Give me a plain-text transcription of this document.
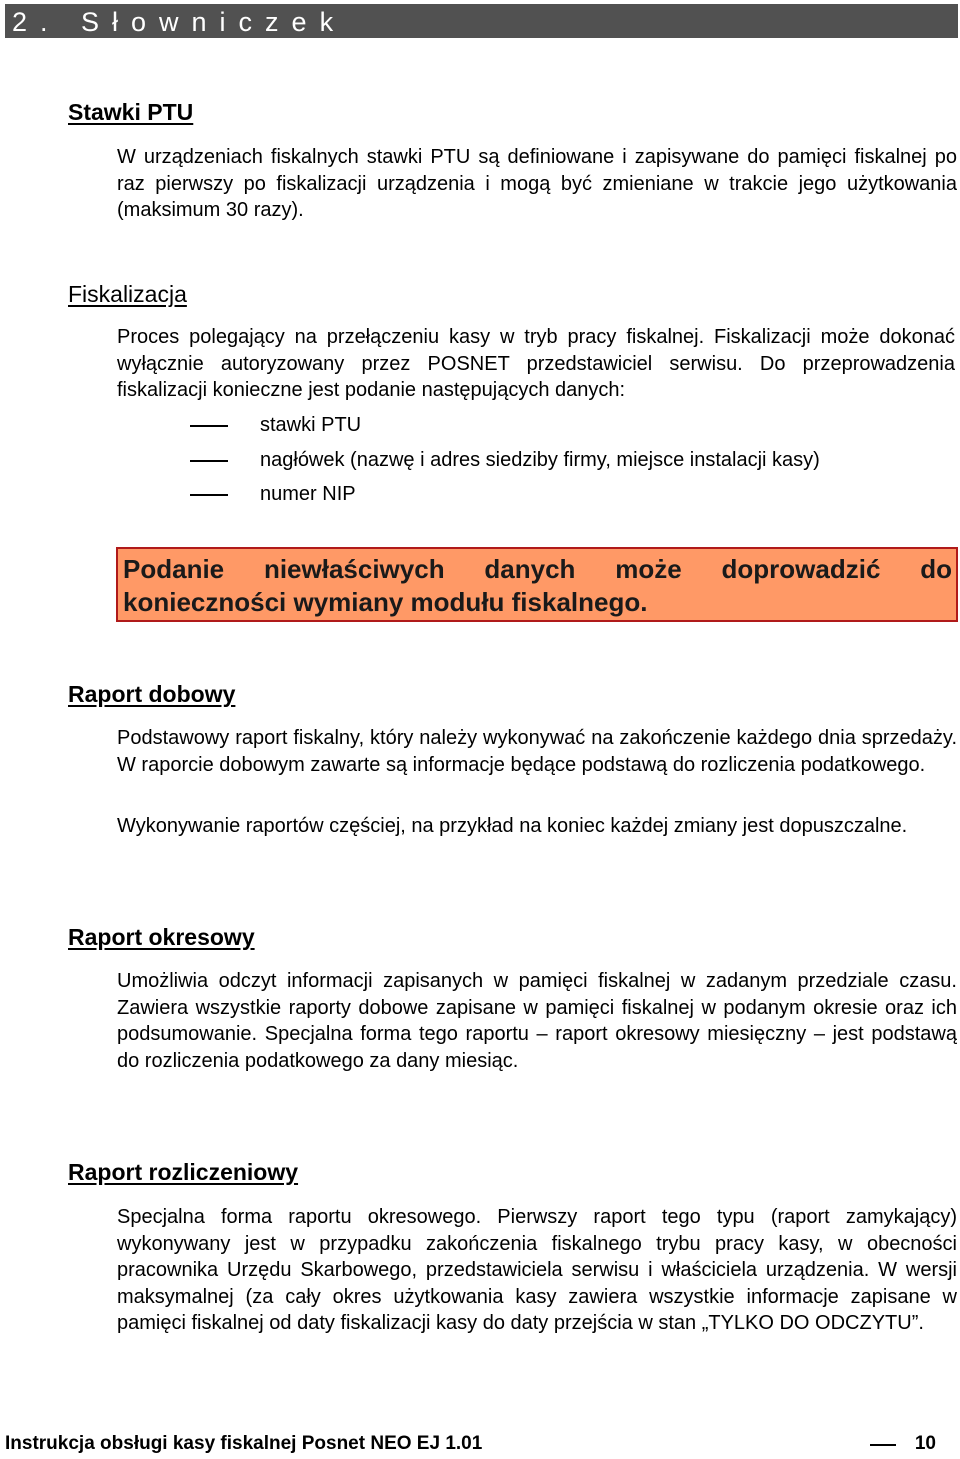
2. Słowniczek
Stawki PTU

W urządzeniach fiskalnych stawki PTU są definiowane i zapisywane do pamięci fiskalnej po raz pierwszy po fiskalizacji urządzenia i mogą być zmieniane w trakcie jego użytkowania (maksimum 30 razy).

Fiskalizacja

Proces polegający na przełączeniu kasy w tryb pracy fiskalnej. Fiskalizacji może dokonać wyłącznie autoryzowany przez POSNET przedstawiciel serwisu. Do przeprowadzenia fiskalizacji konieczne jest podanie następujących danych:

stawki PTU
nagłówek (nazwę i adres siedziby firmy, miejsce instalacji kasy)
numer NIP
Podanie niewłaściwych danych może doprowadzić do konieczności wymiany modułu fiskalnego.
Raport dobowy

Podstawowy raport fiskalny, który należy wykonywać na zakończenie każdego dnia sprzedaży. W raporcie dobowym zawarte są informacje będące podstawą do rozliczenia podatkowego.

Wykonywanie raportów częściej, na przykład na koniec każdej zmiany jest dopuszczalne.

Raport okresowy

Umożliwia odczyt informacji zapisanych w pamięci fiskalnej w zadanym przedziale czasu. Zawiera wszystkie raporty dobowe zapisane w pamięci fiskalnej w podanym okresie oraz ich podsumowanie. Specjalna forma tego raportu – raport okresowy miesięczny – jest podstawą do rozliczenia podatkowego za dany miesiąc.

Raport rozliczeniowy

Specjalna forma raportu okresowego. Pierwszy raport tego typu (raport zamykający) wykonywany jest w przypadku zakończenia fiskalnego trybu pracy kasy, w obecności pracownika Urzędu Skarbowego, przedstawiciela serwisu i właściciela urządzenia. W wersji maksymalnej (za cały okres użytkowania kasy zawiera wszystkie informacje zapisane w pamięci fiskalnej od daty fiskalizacji kasy do daty przejścia w stan „TYLKO DO ODCZYTU”.

Instrukcja obsługi kasy fiskalnej Posnet NEO EJ 1.01	10
